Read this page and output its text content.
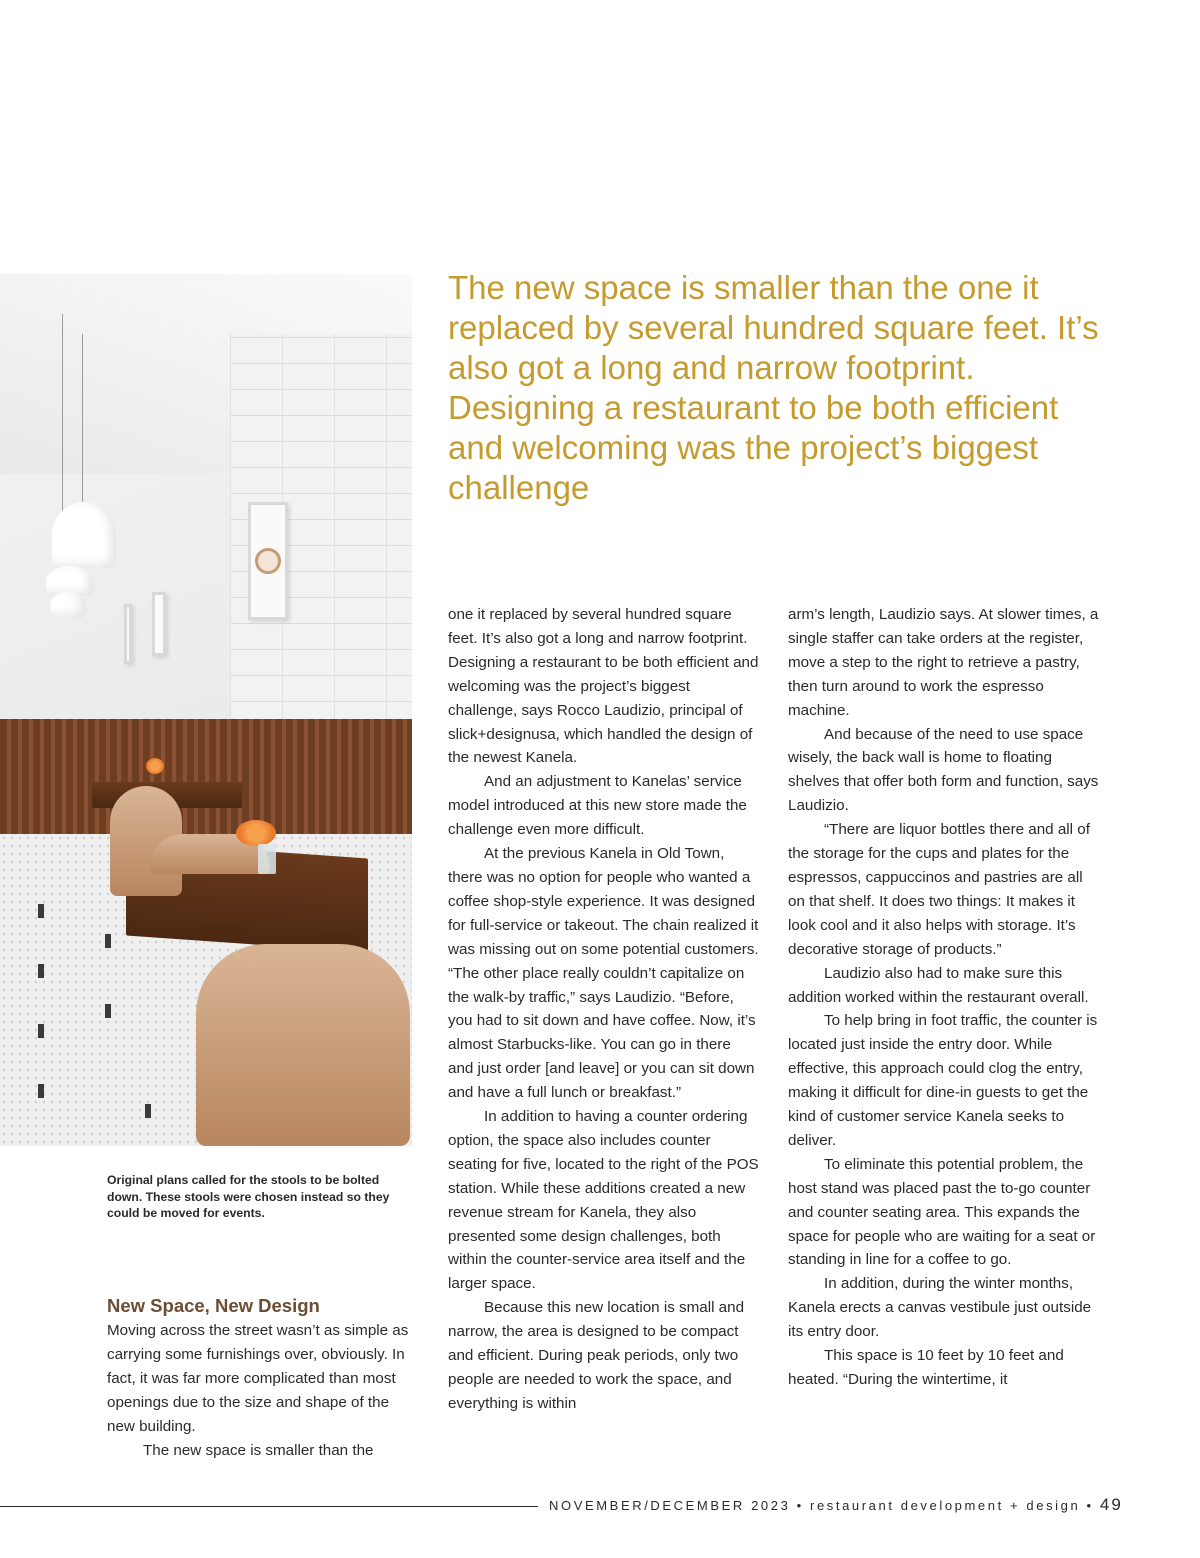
The new space is smaller than the one it replaced by several hundred square feet. It’s also got a long and narrow footprint. Designing a restaurant to be both efficient and welcoming was the project’s biggest challenge
Original plans called for the stools to be bolted down. These stools were chosen instead so they could be moved for events.
New Space, New Design

Moving across the street wasn’t as simple as carrying some furnishings over, obviously. In fact, it was far more complicated than most openings due to the size and shape of the new building.

The new space is smaller than the

one it replaced by several hundred square feet. It’s also got a long and narrow footprint. Designing a restaurant to be both efficient and welcoming was the project’s biggest challenge, says Rocco Laudizio, principal of slick+designusa, which handled the design of the newest Kanela.

And an adjustment to Kanelas’ service model introduced at this new store made the challenge even more difficult.

At the previous Kanela in Old Town, there was no option for people who wanted a coffee shop-style experience. It was designed for full-service or takeout. The chain realized it was missing out on some potential customers.

“The other place really couldn’t capitalize on the walk-by traffic,” says Laudizio. “Before, you had to sit down and have coffee. Now, it’s almost Starbucks-like. You can go in there and just order [and leave] or you can sit down and have a full lunch or breakfast.”

In addition to having a counter ordering option, the space also includes counter seating for five, located to the right of the POS station. While these additions created a new revenue stream for Kanela, they also presented some design challenges, both within the counter-service area itself and the larger space.

Because this new location is small and narrow, the area is designed to be compact and efficient. During peak periods, only two people are needed to work the space, and everything is within

arm’s length, Laudizio says. At slower times, a single staffer can take orders at the register, move a step to the right to retrieve a pastry, then turn around to work the espresso machine.

And because of the need to use space wisely, the back wall is home to floating shelves that offer both form and function, says Laudizio.

“There are liquor bottles there and all of the storage for the cups and plates for the espressos, cappuccinos and pastries are all on that shelf. It does two things: It makes it look cool and it also helps with storage. It’s decorative storage of products.”

Laudizio also had to make sure this addition worked within the restaurant overall.

To help bring in foot traffic, the counter is located just inside the entry door. While effective, this approach could clog the entry, making it difficult for dine-in guests to get the kind of customer service Kanela seeks to deliver.

To eliminate this potential problem, the host stand was placed past the to-go counter and counter seating area. This expands the space for people who are waiting for a seat or standing in line for a coffee to go.

In addition, during the winter months, Kanela erects a canvas vestibule just outside its entry door.

This space is 10 feet by 10 feet and heated. “During the wintertime, it

NOVEMBER/DECEMBER 2023 • restaurant development + design • 49
